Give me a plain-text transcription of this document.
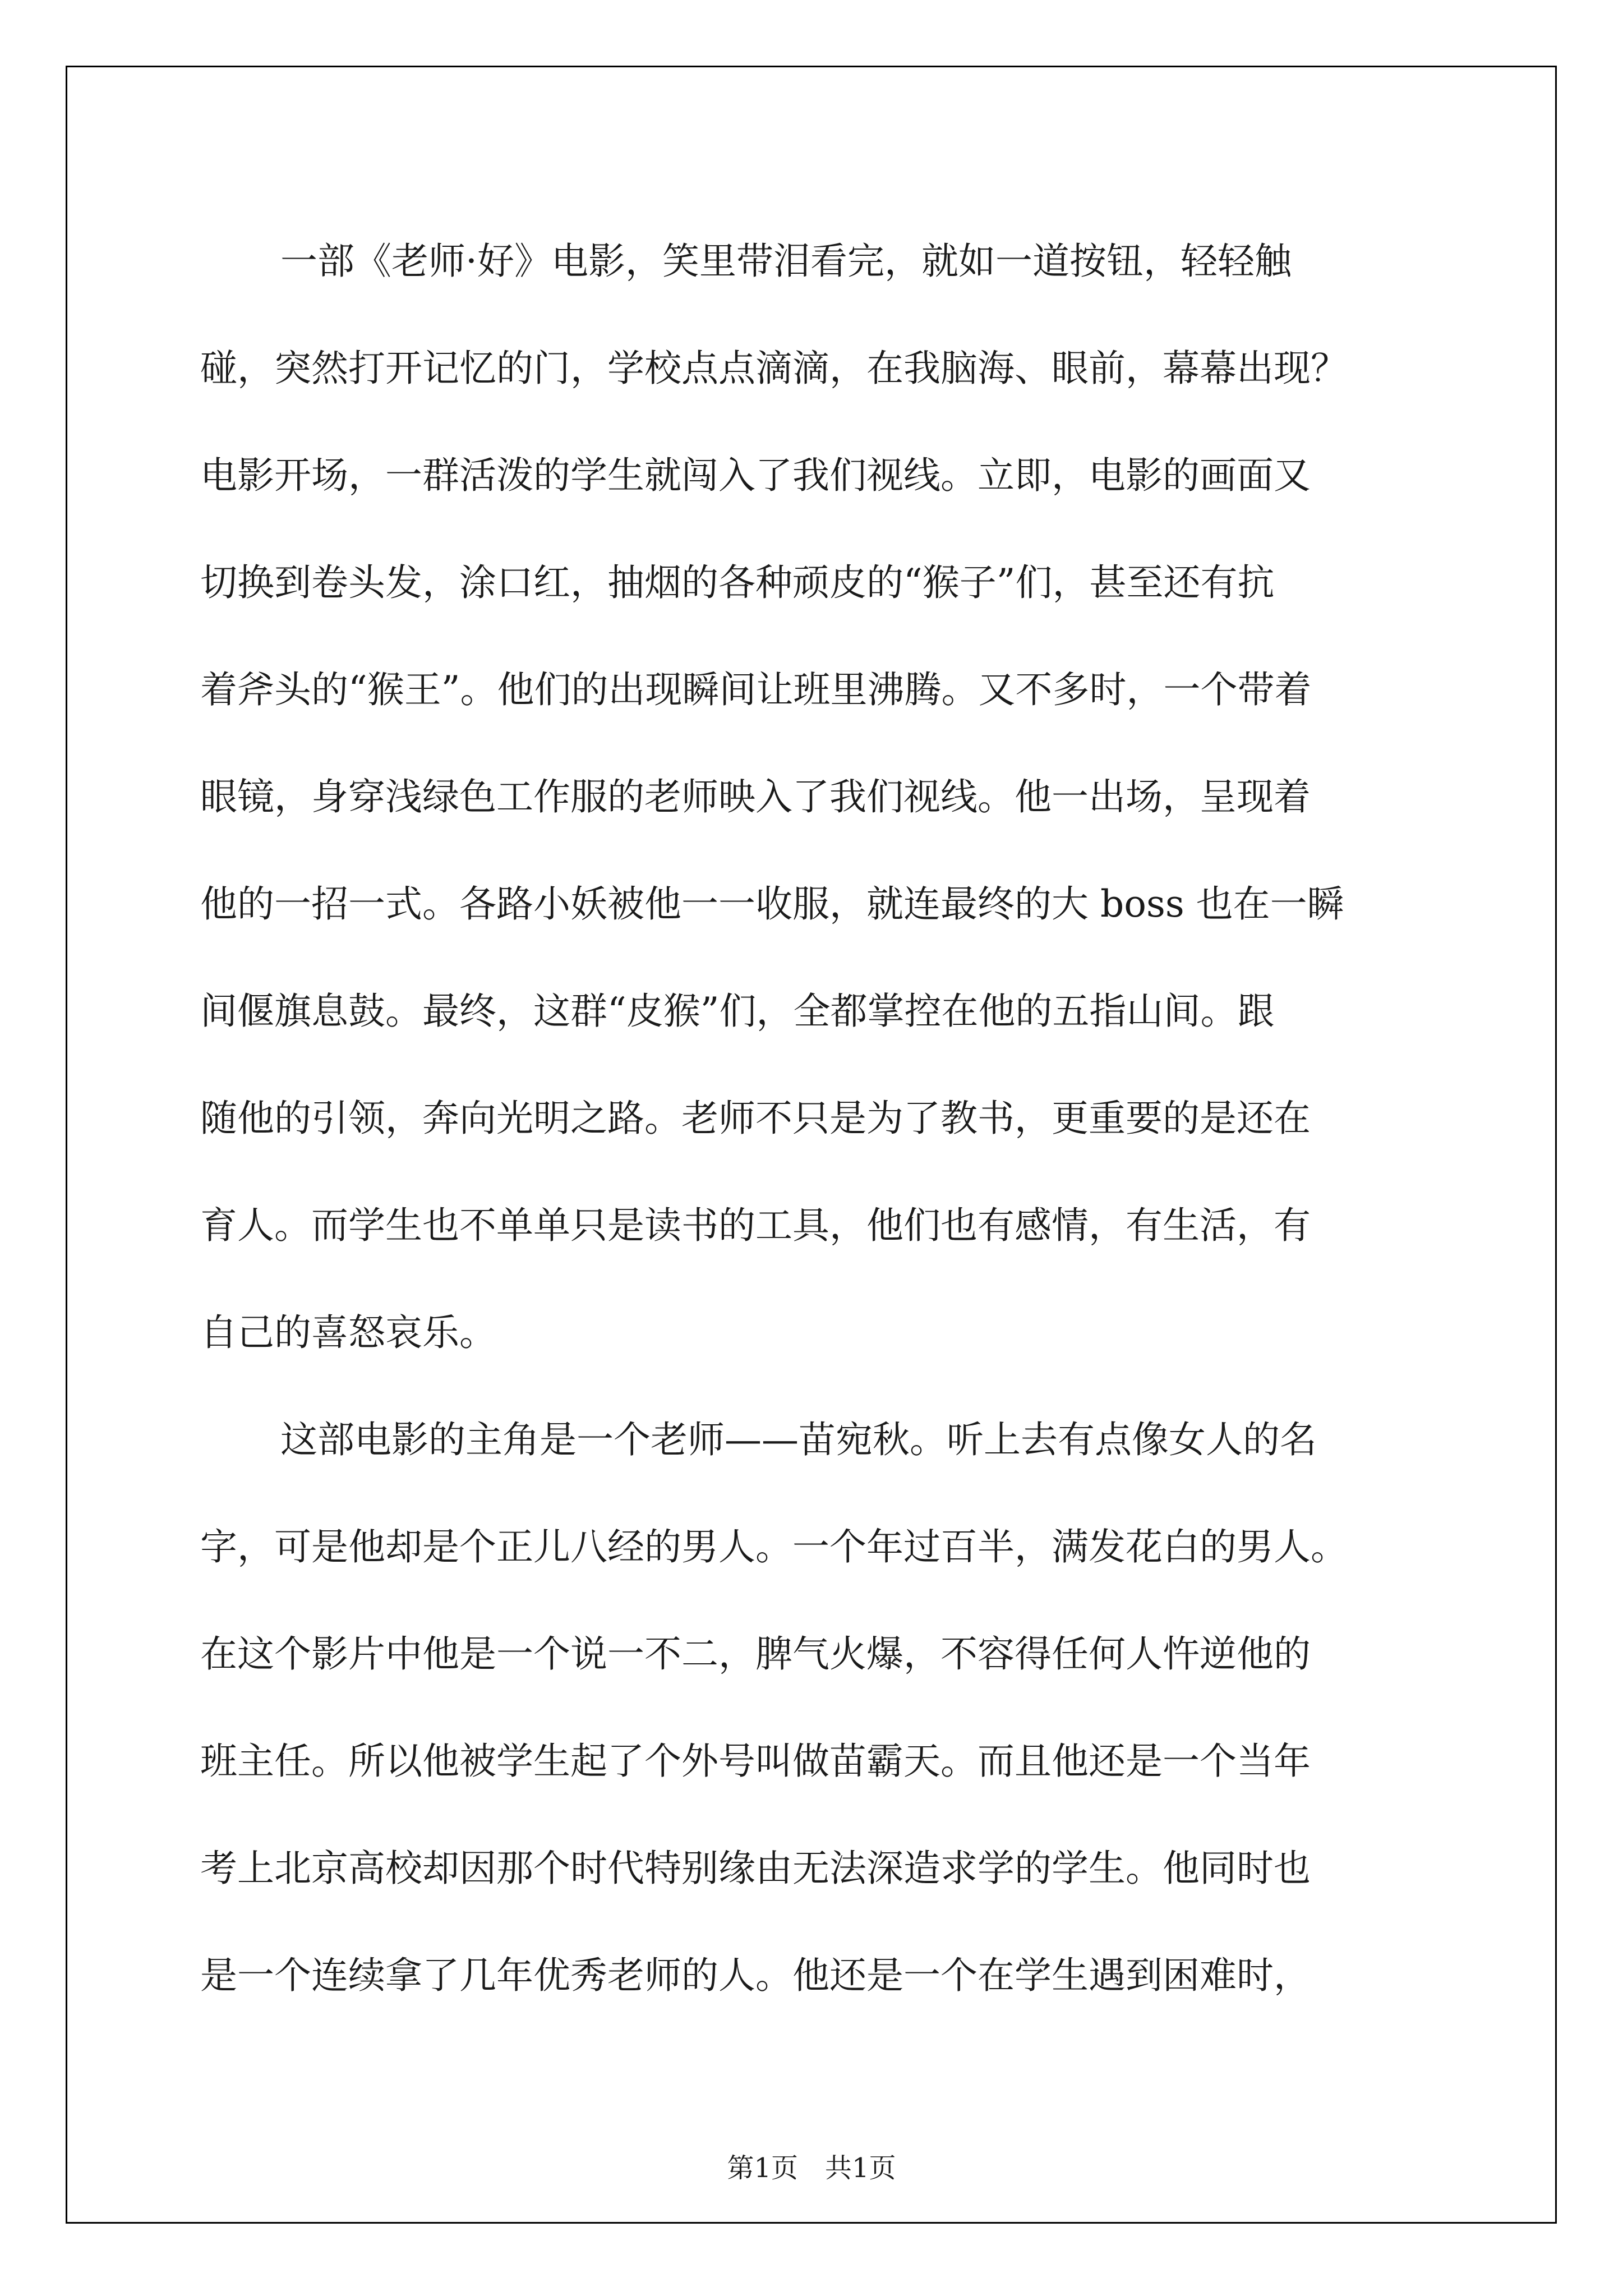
一部《老师·好》电影，笑里带泪看完，就如一道按钮，轻轻触
碰，突然打开记忆的门，学校点点滴滴，在我脑海、眼前，幕幕出现？
电影开场，一群活泼的学生就闯入了我们视线。立即，电影的画面又
切换到卷头发，涂口红，抽烟的各种顽皮的“猴子”们，甚至还有抗
着斧头的“猴王”。他们的出现瞬间让班里沸腾。又不多时，一个带着
眼镜，身穿浅绿色工作服的老师映入了我们视线。他一出场，呈现着
他的一招一式。各路小妖被他一一收服，就连最终的大 boss 也在一瞬
间偃旗息鼓。最终，这群“皮猴”们，全都掌控在他的五指山间。跟
随他的引领，奔向光明之路。老师不只是为了教书，更重要的是还在
育人。而学生也不单单只是读书的工具，他们也有感情，有生活，有
自己的喜怒哀乐。
这部电影的主角是一个老师——苗宛秋。听上去有点像女人的名
字，可是他却是个正儿八经的男人。一个年过百半，满发花白的男人。
在这个影片中他是一个说一不二，脾气火爆，不容得任何人忤逆他的
班主任。所以他被学生起了个外号叫做苗霸天。而且他还是一个当年
考上北京高校却因那个时代特别缘由无法深造求学的学生。他同时也
是一个连续拿了几年优秀老师的人。他还是一个在学生遇到困难时，
第1页　共1页
